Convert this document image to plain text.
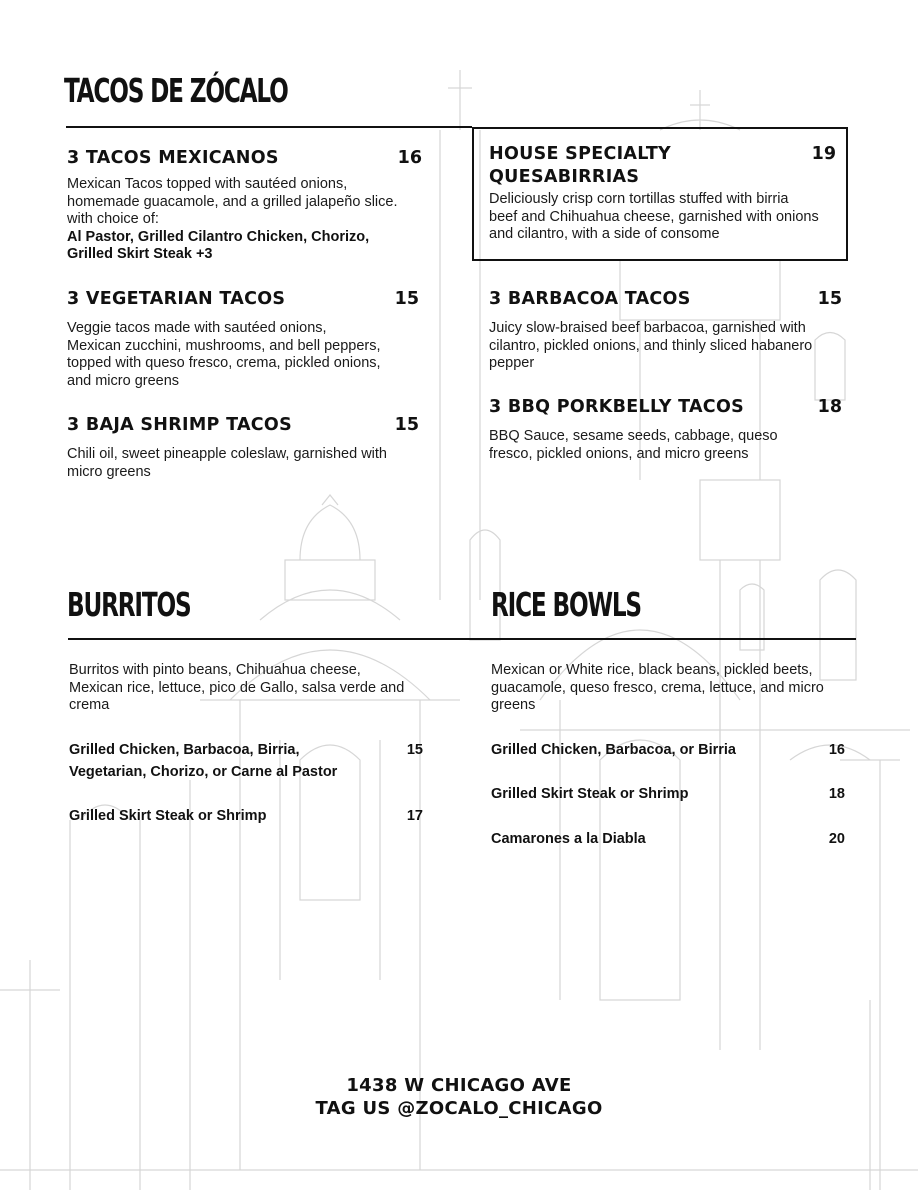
TACOS DE ZÓCALO
3 TACOS MEXICANOS	16
Mexican Tacos topped with sautéed onions, homemade guacamole, and a grilled jalapeño slice. with choice of:
Al Pastor, Grilled Cilantro Chicken, Chorizo, Grilled Skirt Steak +3
HOUSE SPECIALTY QUESABIRRIAS
19
Deliciously crisp corn tortillas stuffed with birria beef and Chihuahua cheese, garnished with onions and cilantro, with a side of consome
3 VEGETARIAN TACOS	15
Veggie tacos made with sautéed onions, Mexican zucchini, mushrooms, and bell peppers, topped with queso fresco, crema, pickled onions, and micro greens
3 BARBACOA TACOS	15
Juicy slow-braised beef barbacoa, garnished with cilantro, pickled onions, and thinly sliced habanero pepper
3 BAJA SHRIMP TACOS	15
Chili oil, sweet pineapple coleslaw, garnished with micro greens
3 BBQ PORKBELLY TACOS	18
BBQ Sauce, sesame seeds, cabbage, queso fresco, pickled onions, and micro greens
BURRITOS	RICE BOWLS
Burritos with pinto beans, Chihuahua cheese, Mexican rice, lettuce, pico de Gallo, salsa verde and crema
Grilled Chicken, Barbacoa, Birria,
Vegetarian, Chorizo, or Carne al Pastor
15
Grilled Skirt Steak or Shrimp	17
Mexican or White rice, black beans, pickled beets, guacamole, queso fresco, crema, lettuce, and micro greens
Grilled Chicken, Barbacoa, or Birria	16
Grilled Skirt Steak or Shrimp	18
Camarones a la Diabla	20
1438 W CHICAGO AVE
TAG US @ZOCALO_CHICAGO
